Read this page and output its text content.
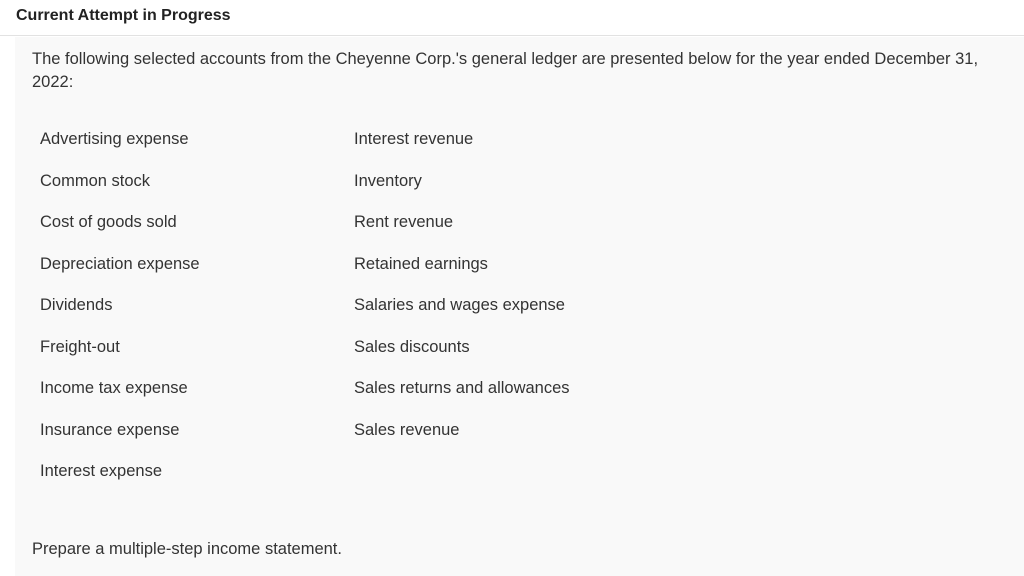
Current Attempt in Progress
The following selected accounts from the Cheyenne Corp.'s general ledger are presented below for the year ended December 31, 2022:
Advertising expense	Interest revenue
Common stock	Inventory
Cost of goods sold	Rent revenue
Depreciation expense	Retained earnings
Dividends	Salaries and wages expense
Freight-out	Sales discounts
Income tax expense	Sales returns and allowances
Insurance expense	Sales revenue
Interest expense
Prepare a multiple-step income statement.
